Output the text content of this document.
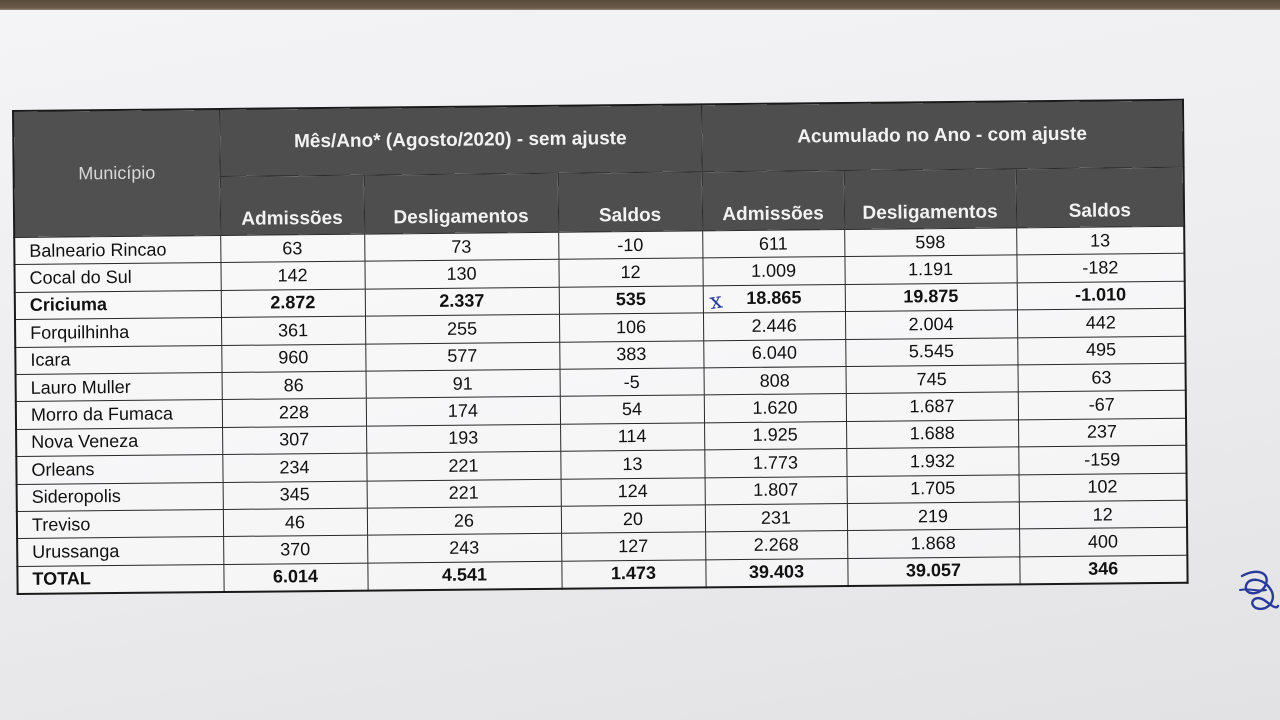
Município	Mês/Ano* (Agosto/2020) - sem ajuste			Acumulado no Ano - com ajuste		
	Admissões	Desligamentos	Saldos	Admissões	Desligamentos	Saldos
Balneario Rincao	63	73	-10	611	598	13
Cocal do Sul	142	130	12	1.009	1.191	-182
Criciuma	2.872	2.337	535	18.865	19.875	-1.010
Forquilhinha	361	255	106	2.446	2.004	442
Icara	960	577	383	6.040	5.545	495
Lauro Muller	86	91	-5	808	745	63
Morro da Fumaca	228	174	54	1.620	1.687	-67
Nova Veneza	307	193	114	1.925	1.688	237
Orleans	234	221	13	1.773	1.932	-159
Sideropolis	345	221	124	1.807	1.705	102
Treviso	46	26	20	231	219	12
Urussanga	370	243	127	2.268	1.868	400
TOTAL	6.014	4.541	1.473	39.403	39.057	346
x
